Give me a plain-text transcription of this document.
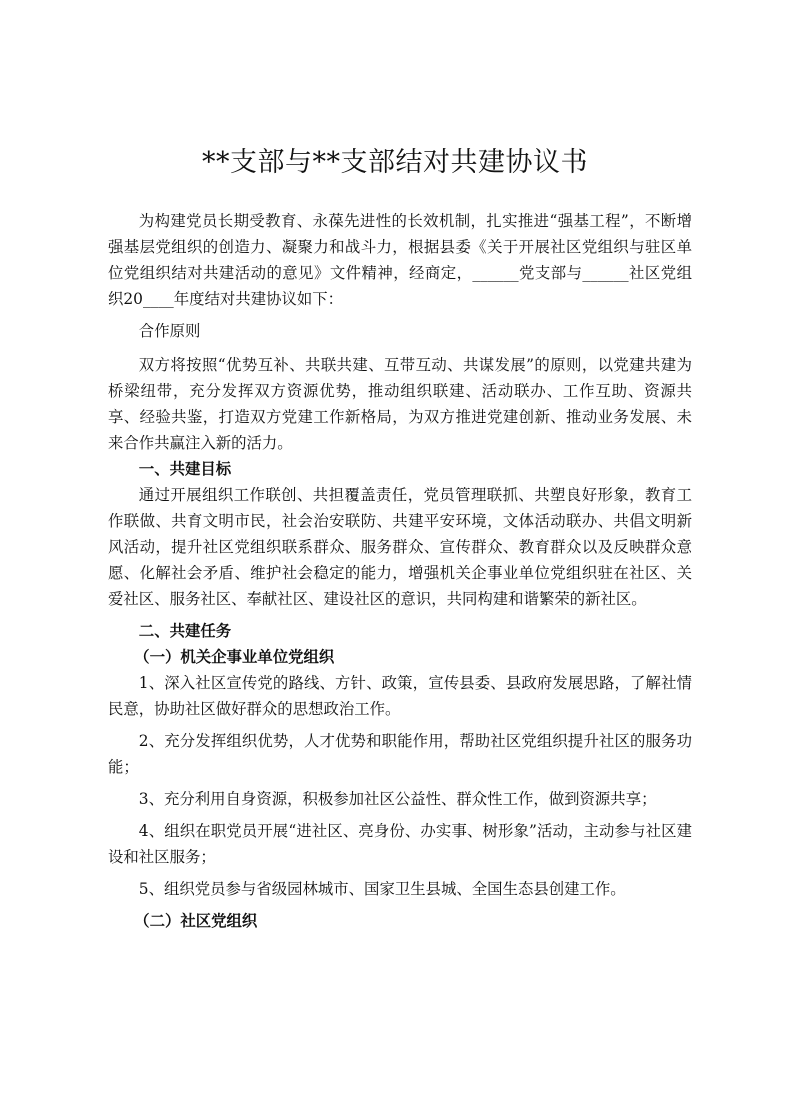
**支部与**支部结对共建协议书

为构建党员长期受教育、永葆先进性的长效机制，扎实推进“强基工程”，不断增强基层党组织的创造力、凝聚力和战斗力，根据县委《关于开展社区党组织与驻区单位党组织结对共建活动的意见》文件精神，经商定，______党支部与______社区党组织20____年度结对共建协议如下：

合作原则

双方将按照“优势互补、共联共建、互带互动、共谋发展”的原则，以党建共建为桥梁纽带，充分发挥双方资源优势，推动组织联建、活动联办、工作互助、资源共享、经验共鉴，打造双方党建工作新格局，为双方推进党建创新、推动业务发展、未来合作共赢注入新的活力。

一、共建目标

通过开展组织工作联创、共担覆盖责任，党员管理联抓、共塑良好形象，教育工作联做、共育文明市民，社会治安联防、共建平安环境，文体活动联办、共倡文明新风活动，提升社区党组织联系群众、服务群众、宣传群众、教育群众以及反映群众意愿、化解社会矛盾、维护社会稳定的能力，增强机关企事业单位党组织驻在社区、关爱社区、服务社区、奉献社区、建设社区的意识，共同构建和谐繁荣的新社区。

二、共建任务

（一）机关企事业单位党组织

1、深入社区宣传党的路线、方针、政策，宣传县委、县政府发展思路，了解社情民意，协助社区做好群众的思想政治工作。

2、充分发挥组织优势，人才优势和职能作用，帮助社区党组织提升社区的服务功能；

3、充分利用自身资源，积极参加社区公益性、群众性工作，做到资源共享；

4、组织在职党员开展“进社区、亮身份、办实事、树形象”活动，主动参与社区建设和社区服务；

5、组织党员参与省级园林城市、国家卫生县城、全国生态县创建工作。

（二）社区党组织
